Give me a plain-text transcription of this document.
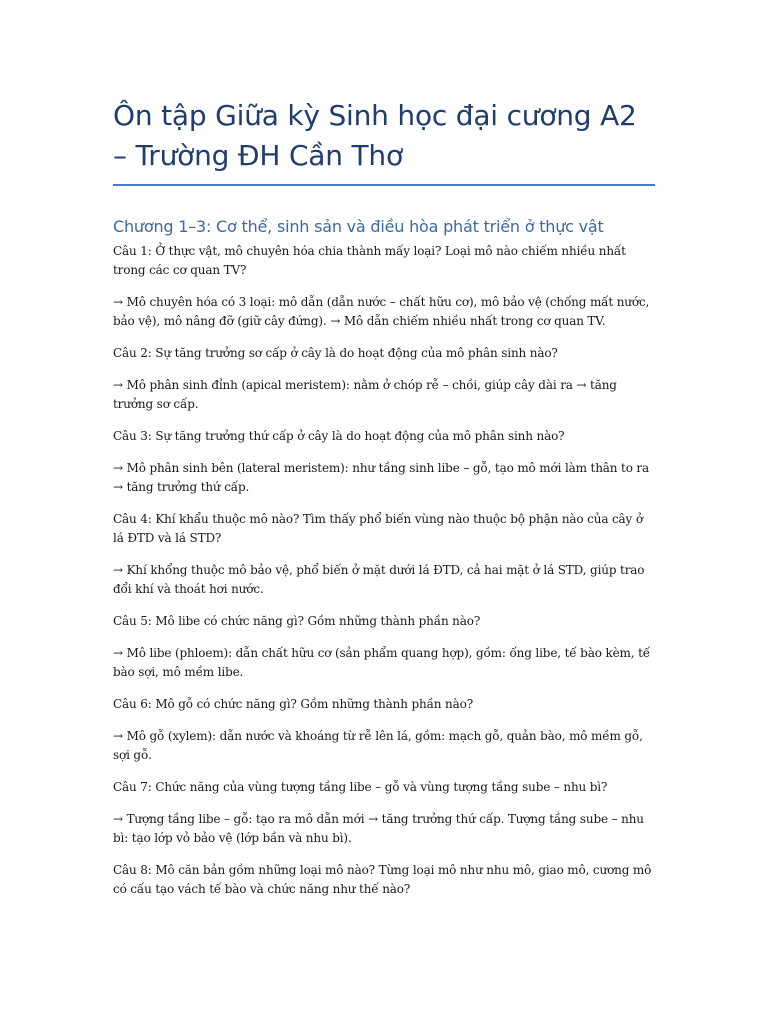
Ôn tập Giữa kỳ Sinh học đại cương A2 – Trường ĐH Cần Thơ
Chương 1–3: Cơ thể, sinh sản và điều hòa phát triển ở thực vật

Câu 1: Ở thực vật, mô chuyên hóa chia thành mấy loại? Loại mô nào chiếm nhiều nhất trong các cơ quan TV?

→ Mô chuyên hóa có 3 loại: mô dẫn (dẫn nước – chất hữu cơ), mô bảo vệ (chống mất nước, bảo vệ), mô nâng đỡ (giữ cây đứng). → Mô dẫn chiếm nhiều nhất trong cơ quan TV.

Câu 2: Sự tăng trưởng sơ cấp ở cây là do hoạt động của mô phân sinh nào?

→ Mô phân sinh đỉnh (apical meristem): nằm ở chóp rễ – chồi, giúp cây dài ra → tăng trưởng sơ cấp.

Câu 3: Sự tăng trưởng thứ cấp ở cây là do hoạt động của mô phân sinh nào?

→ Mô phân sinh bên (lateral meristem): như tầng sinh libe – gỗ, tạo mô mới làm thân to ra → tăng trưởng thứ cấp.

Câu 4: Khí khẩu thuộc mô nào? Tìm thấy phổ biến vùng nào thuộc bộ phận nào của cây ở lá ĐTD và lá STD?

→ Khí khổng thuộc mô bảo vệ, phổ biến ở mặt dưới lá ĐTD, cả hai mặt ở lá STD, giúp trao đổi khí và thoát hơi nước.

Câu 5: Mô libe có chức năng gì? Gồm những thành phần nào?

→ Mô libe (phloem): dẫn chất hữu cơ (sản phẩm quang hợp), gồm: ống libe, tế bào kèm, tế bào sợi, mô mềm libe.

Câu 6: Mô gỗ có chức năng gì? Gồm những thành phần nào?

→ Mô gỗ (xylem): dẫn nước và khoáng từ rễ lên lá, gồm: mạch gỗ, quản bào, mô mềm gỗ, sợi gỗ.

Câu 7: Chức năng của vùng tượng tầng libe – gỗ và vùng tượng tầng sube – nhu bì?

→ Tượng tầng libe – gỗ: tạo ra mô dẫn mới → tăng trưởng thứ cấp. Tượng tầng sube – nhu bì: tạo lớp vỏ bảo vệ (lớp bần và nhu bì).

Câu 8: Mô căn bản gồm những loại mô nào? Từng loại mô như nhu mô, giao mô, cương mô có cấu tạo vách tế bào và chức năng như thế nào?
